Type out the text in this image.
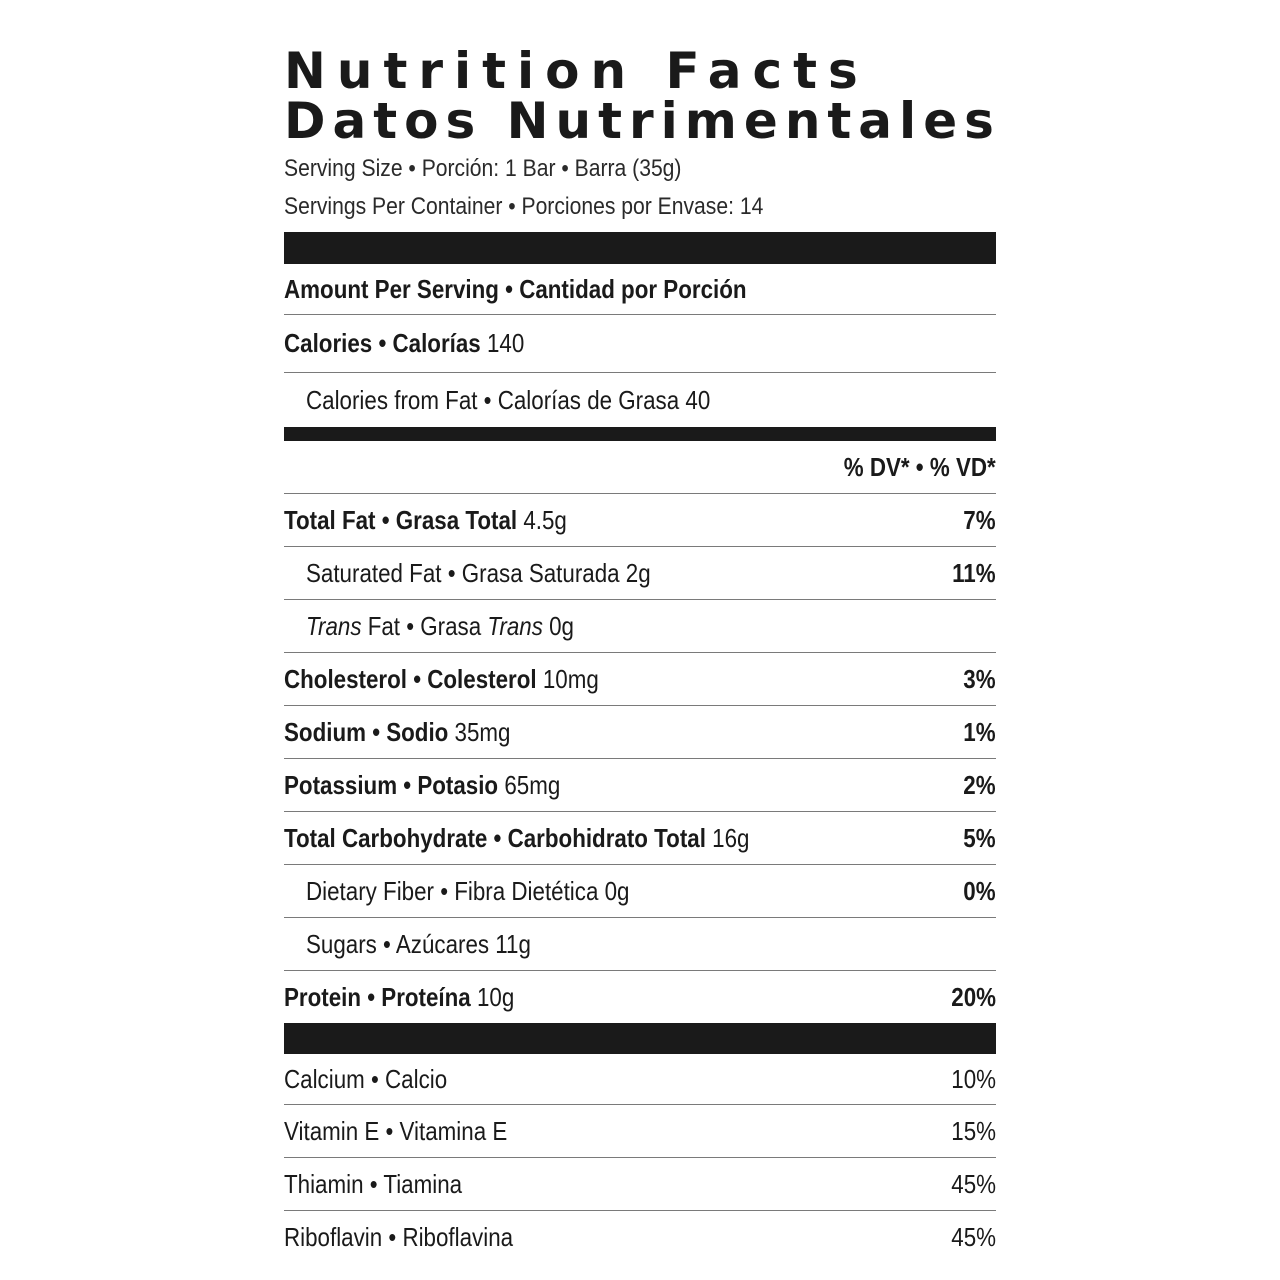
Nutrition Facts
Datos Nutrimentales
Serving Size • Porción: 1 Bar • Barra (35g)
Servings Per Container • Porciones por Envase: 14
Amount Per Serving • Cantidad por Porción
Calories • Calorías 140
Calories from Fat • Calorías de Grasa 40
% DV* • % VD*
Total Fat • Grasa Total 4.5g	7%
Saturated Fat • Grasa Saturada 2g	11%
Trans Fat • Grasa Trans 0g
Cholesterol • Colesterol 10mg	3%
Sodium • Sodio 35mg	1%
Potassium • Potasio 65mg	2%
Total Carbohydrate • Carbohidrato Total 16g	5%
Dietary Fiber • Fibra Dietética 0g	0%
Sugars • Azúcares 11g
Protein • Proteína 10g	20%
Calcium • Calcio	10%
Vitamin E • Vitamina E	15%
Thiamin • Tiamina	45%
Riboflavin • Riboflavina	45%
